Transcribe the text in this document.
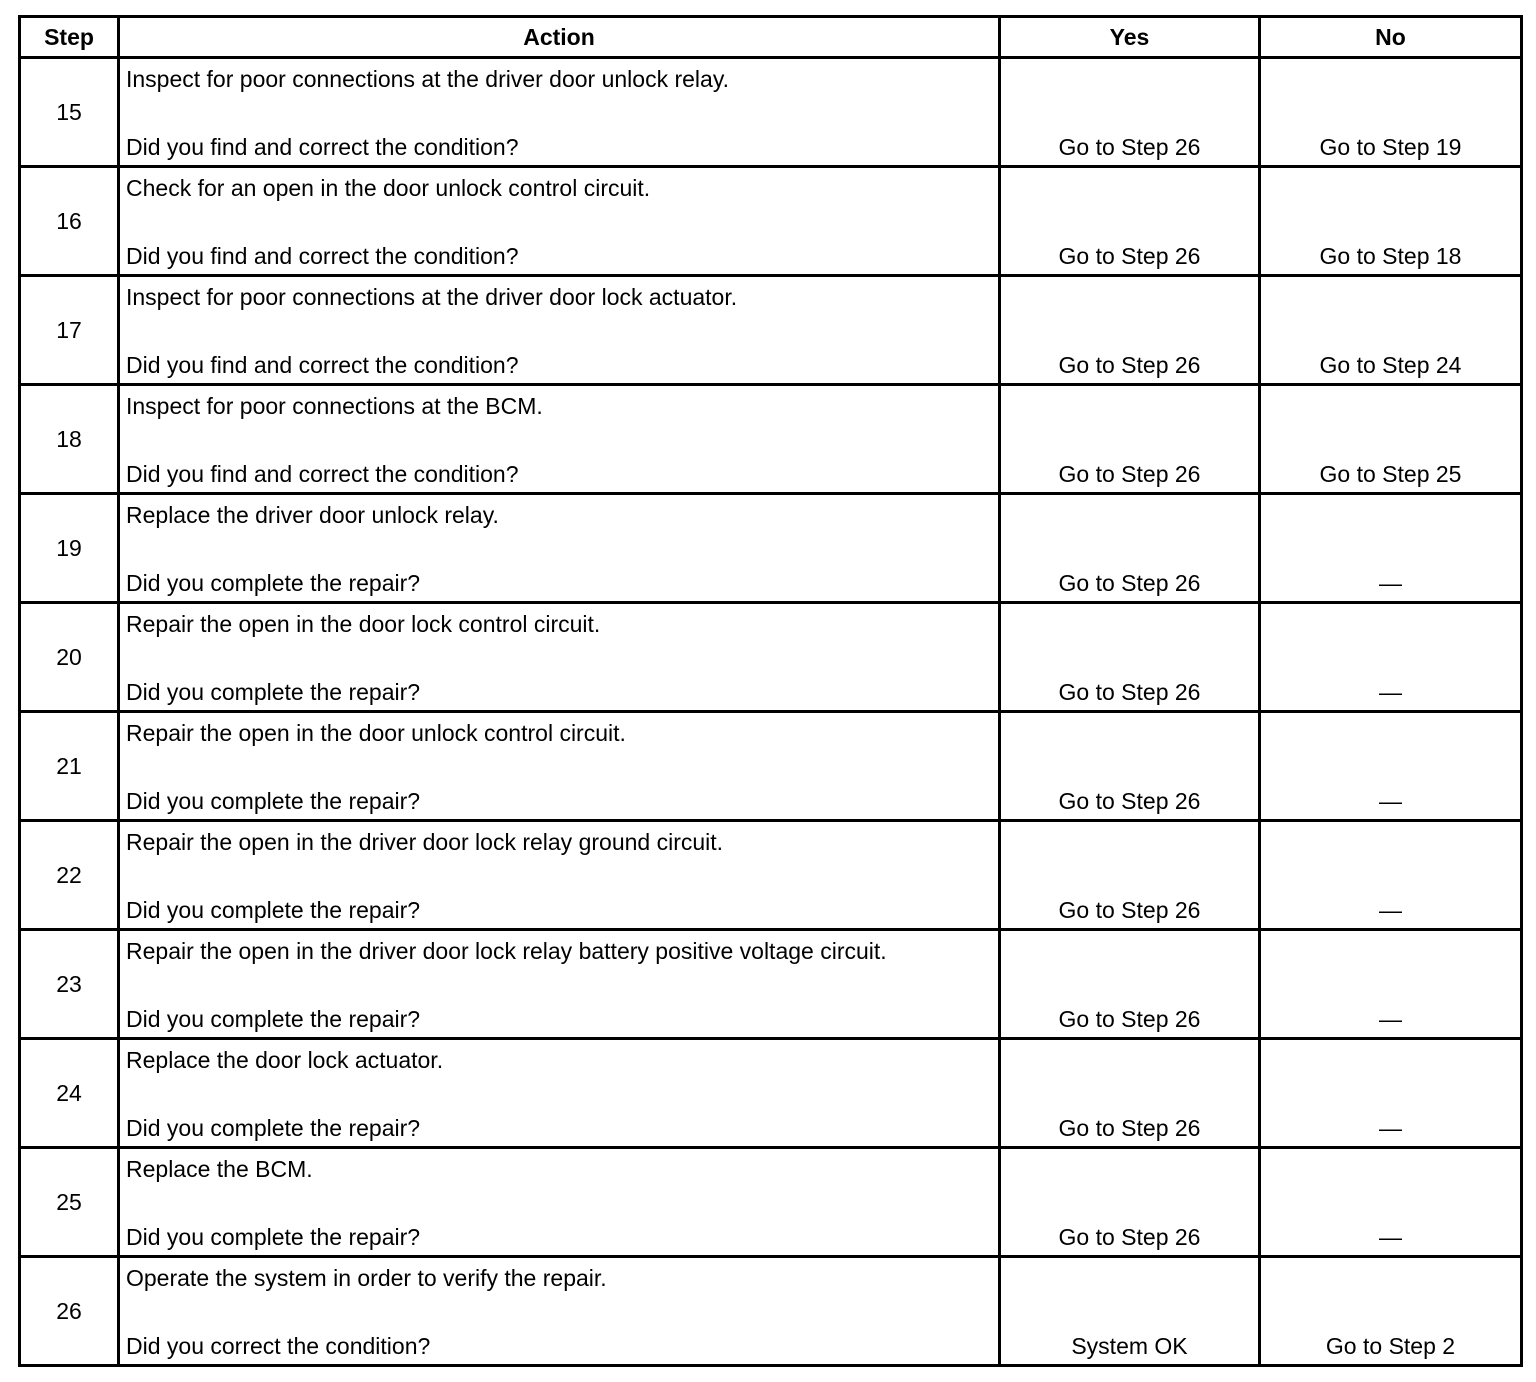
Step	Action	Yes	No
15	Inspect for poor connections at the driver door unlock relay.
Did you find and correct the condition?	Go to Step 26	Go to Step 19

16	Check for an open in the door unlock control circuit.
Did you find and correct the condition?	Go to Step 26	Go to Step 18

17	Inspect for poor connections at the driver door lock actuator.
Did you find and correct the condition?	Go to Step 26	Go to Step 24

18	Inspect for poor connections at the BCM.
Did you find and correct the condition?	Go to Step 26	Go to Step 25

19	Replace the driver door unlock relay.
Did you complete the repair?	Go to Step 26	—

20	Repair the open in the door lock control circuit.
Did you complete the repair?	Go to Step 26	—

21	Repair the open in the door unlock control circuit.
Did you complete the repair?	Go to Step 26	—

22	Repair the open in the driver door lock relay ground circuit.
Did you complete the repair?	Go to Step 26	—

23	Repair the open in the driver door lock relay battery positive voltage circuit.
Did you complete the repair?	Go to Step 26	—

24	Replace the door lock actuator.
Did you complete the repair?	Go to Step 26	—

25	Replace the BCM.
Did you complete the repair?	Go to Step 26	—

26	Operate the system in order to verify the repair.
Did you correct the condition?	System OK	Go to Step 2
